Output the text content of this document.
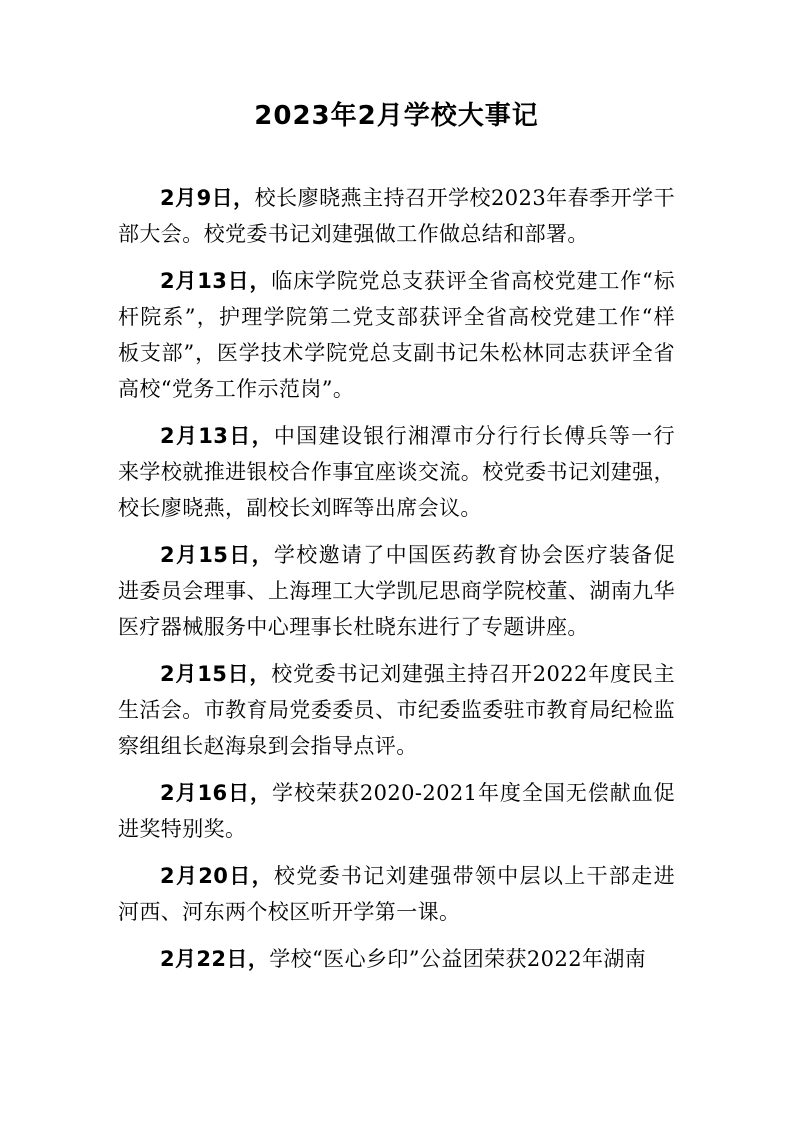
2023年2月学校大事记

2月9日，校长廖晓燕主持召开学校2023年春季开学干部大会。校党委书记刘建强做工作做总结和部署。

2月13日，临床学院党总支获评全省高校党建工作“标杆院系”，护理学院第二党支部获评全省高校党建工作“样板支部”，医学技术学院党总支副书记朱松林同志获评全省高校“党务工作示范岗”。

2月13日，中国建设银行湘潭市分行行长傅兵等一行来学校就推进银校合作事宜座谈交流。校党委书记刘建强，校长廖晓燕，副校长刘晖等出席会议。

2月15日，学校邀请了中国医药教育协会医疗装备促进委员会理事、上海理工大学凯尼思商学院校董、湖南九华医疗器械服务中心理事长杜晓东进行了专题讲座。

2月15日，校党委书记刘建强主持召开2022年度民主生活会。市教育局党委委员、市纪委监委驻市教育局纪检监察组组长赵海泉到会指导点评。

2月16日，学校荣获2020-2021年度全国无偿献血促进奖特别奖。

2月20日，校党委书记刘建强带领中层以上干部走进河西、河东两个校区听开学第一课。

2月22日，学校“医心乡印”公益团荣获2022年湖南
